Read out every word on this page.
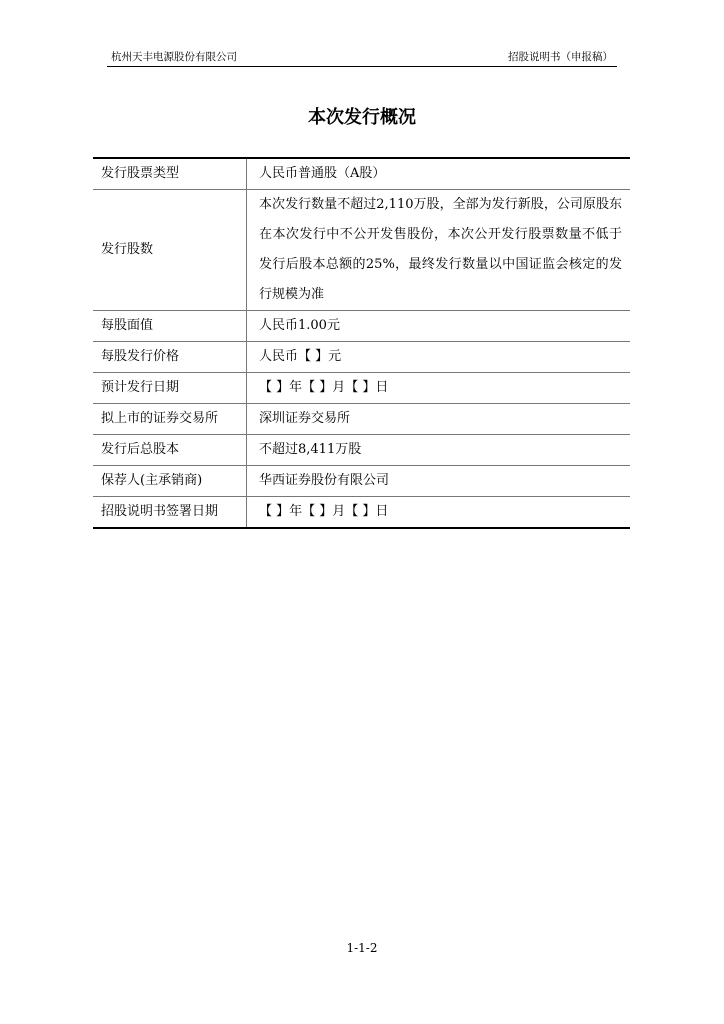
杭州天丰电源股份有限公司	招股说明书（申报稿）
本次发行概况
发行股票类型	人民币普通股（A股）
发行股数	本次发行数量不超过2,110万股，全部为发行新股，公司原股东在本次发行中不公开发售股份，本次公开发行股票数量不低于发行后股本总额的25%，最终发行数量以中国证监会核定的发行规模为准
每股面值	人民币1.00元
每股发行价格	人民币【 】元
预计发行日期	【 】年【 】月【 】日
拟上市的证券交易所	深圳证券交易所
发行后总股本	不超过8,411万股
保荐人(主承销商)	华西证券股份有限公司
招股说明书签署日期	【 】年【 】月【 】日
1-1-2
